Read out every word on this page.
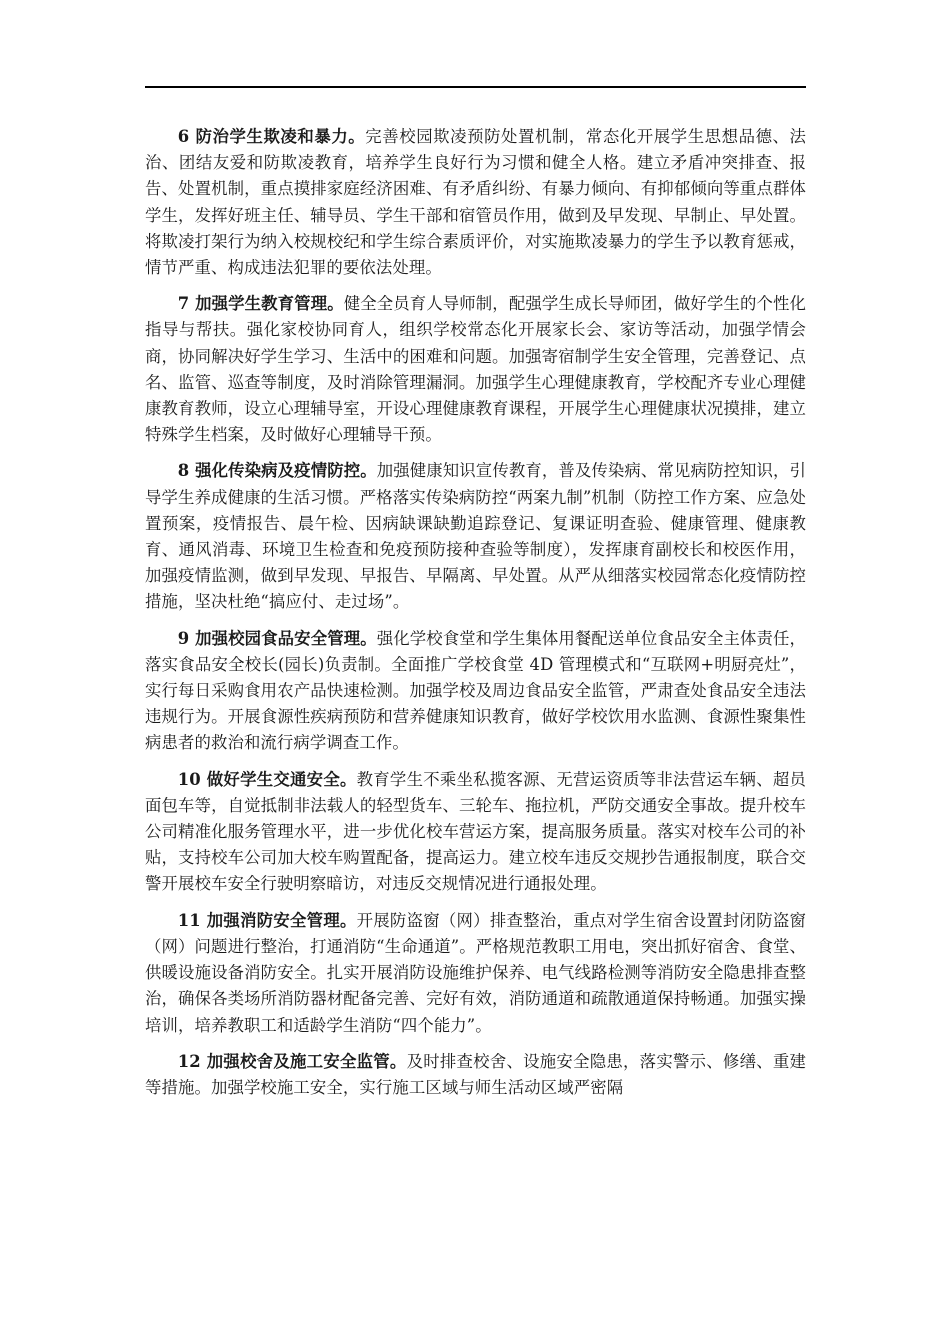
6 防治学生欺凌和暴力。完善校园欺凌预防处置机制，常态化开展学生思想品德、法治、团结友爱和防欺凌教育，培养学生良好行为习惯和健全人格。建立矛盾冲突排查、报告、处置机制，重点摸排家庭经济困难、有矛盾纠纷、有暴力倾向、有抑郁倾向等重点群体学生，发挥好班主任、辅导员、学生干部和宿管员作用，做到及早发现、早制止、早处置。将欺凌打架行为纳入校规校纪和学生综合素质评价，对实施欺凌暴力的学生予以教育惩戒，情节严重、构成违法犯罪的要依法处理。

7 加强学生教育管理。健全全员育人导师制，配强学生成长导师团，做好学生的个性化指导与帮扶。强化家校协同育人，组织学校常态化开展家长会、家访等活动，加强学情会商，协同解决好学生学习、生活中的困难和问题。加强寄宿制学生安全管理，完善登记、点名、监管、巡查等制度，及时消除管理漏洞。加强学生心理健康教育，学校配齐专业心理健康教育教师，设立心理辅导室，开设心理健康教育课程，开展学生心理健康状况摸排，建立特殊学生档案，及时做好心理辅导干预。

8 强化传染病及疫情防控。加强健康知识宣传教育，普及传染病、常见病防控知识，引导学生养成健康的生活习惯。严格落实传染病防控“两案九制”机制（防控工作方案、应急处置预案，疫情报告、晨午检、因病缺课缺勤追踪登记、复课证明查验、健康管理、健康教育、通风消毒、环境卫生检查和免疫预防接种查验等制度），发挥康育副校长和校医作用，加强疫情监测，做到早发现、早报告、早隔离、早处置。从严从细落实校园常态化疫情防控措施，坚决杜绝“搞应付、走过场”。

9 加强校园食品安全管理。强化学校食堂和学生集体用餐配送单位食品安全主体责任，落实食品安全校长(园长)负责制。全面推广学校食堂 4D 管理模式和“互联网+明厨亮灶”，实行每日采购食用农产品快速检测。加强学校及周边食品安全监管，严肃查处食品安全违法违规行为。开展食源性疾病预防和营养健康知识教育，做好学校饮用水监测、食源性聚集性病患者的救治和流行病学调查工作。

10 做好学生交通安全。教育学生不乘坐私揽客源、无营运资质等非法营运车辆、超员面包车等，自觉抵制非法载人的轻型货车、三轮车、拖拉机，严防交通安全事故。提升校车公司精准化服务管理水平，进一步优化校车营运方案，提高服务质量。落实对校车公司的补贴，支持校车公司加大校车购置配备，提高运力。建立校车违反交规抄告通报制度，联合交警开展校车安全行驶明察暗访，对违反交规情况进行通报处理。

11 加强消防安全管理。开展防盗窗（网）排查整治，重点对学生宿舍设置封闭防盗窗（网）问题进行整治，打通消防“生命通道”。严格规范教职工用电，突出抓好宿舍、食堂、供暖设施设备消防安全。扎实开展消防设施维护保养、电气线路检测等消防安全隐患排查整治，确保各类场所消防器材配备完善、完好有效，消防通道和疏散通道保持畅通。加强实操培训，培养教职工和适龄学生消防“四个能力”。

12 加强校舍及施工安全监管。及时排查校舍、设施安全隐患，落实警示、修缮、重建等措施。加强学校施工安全，实行施工区域与师生活动区域严密隔
